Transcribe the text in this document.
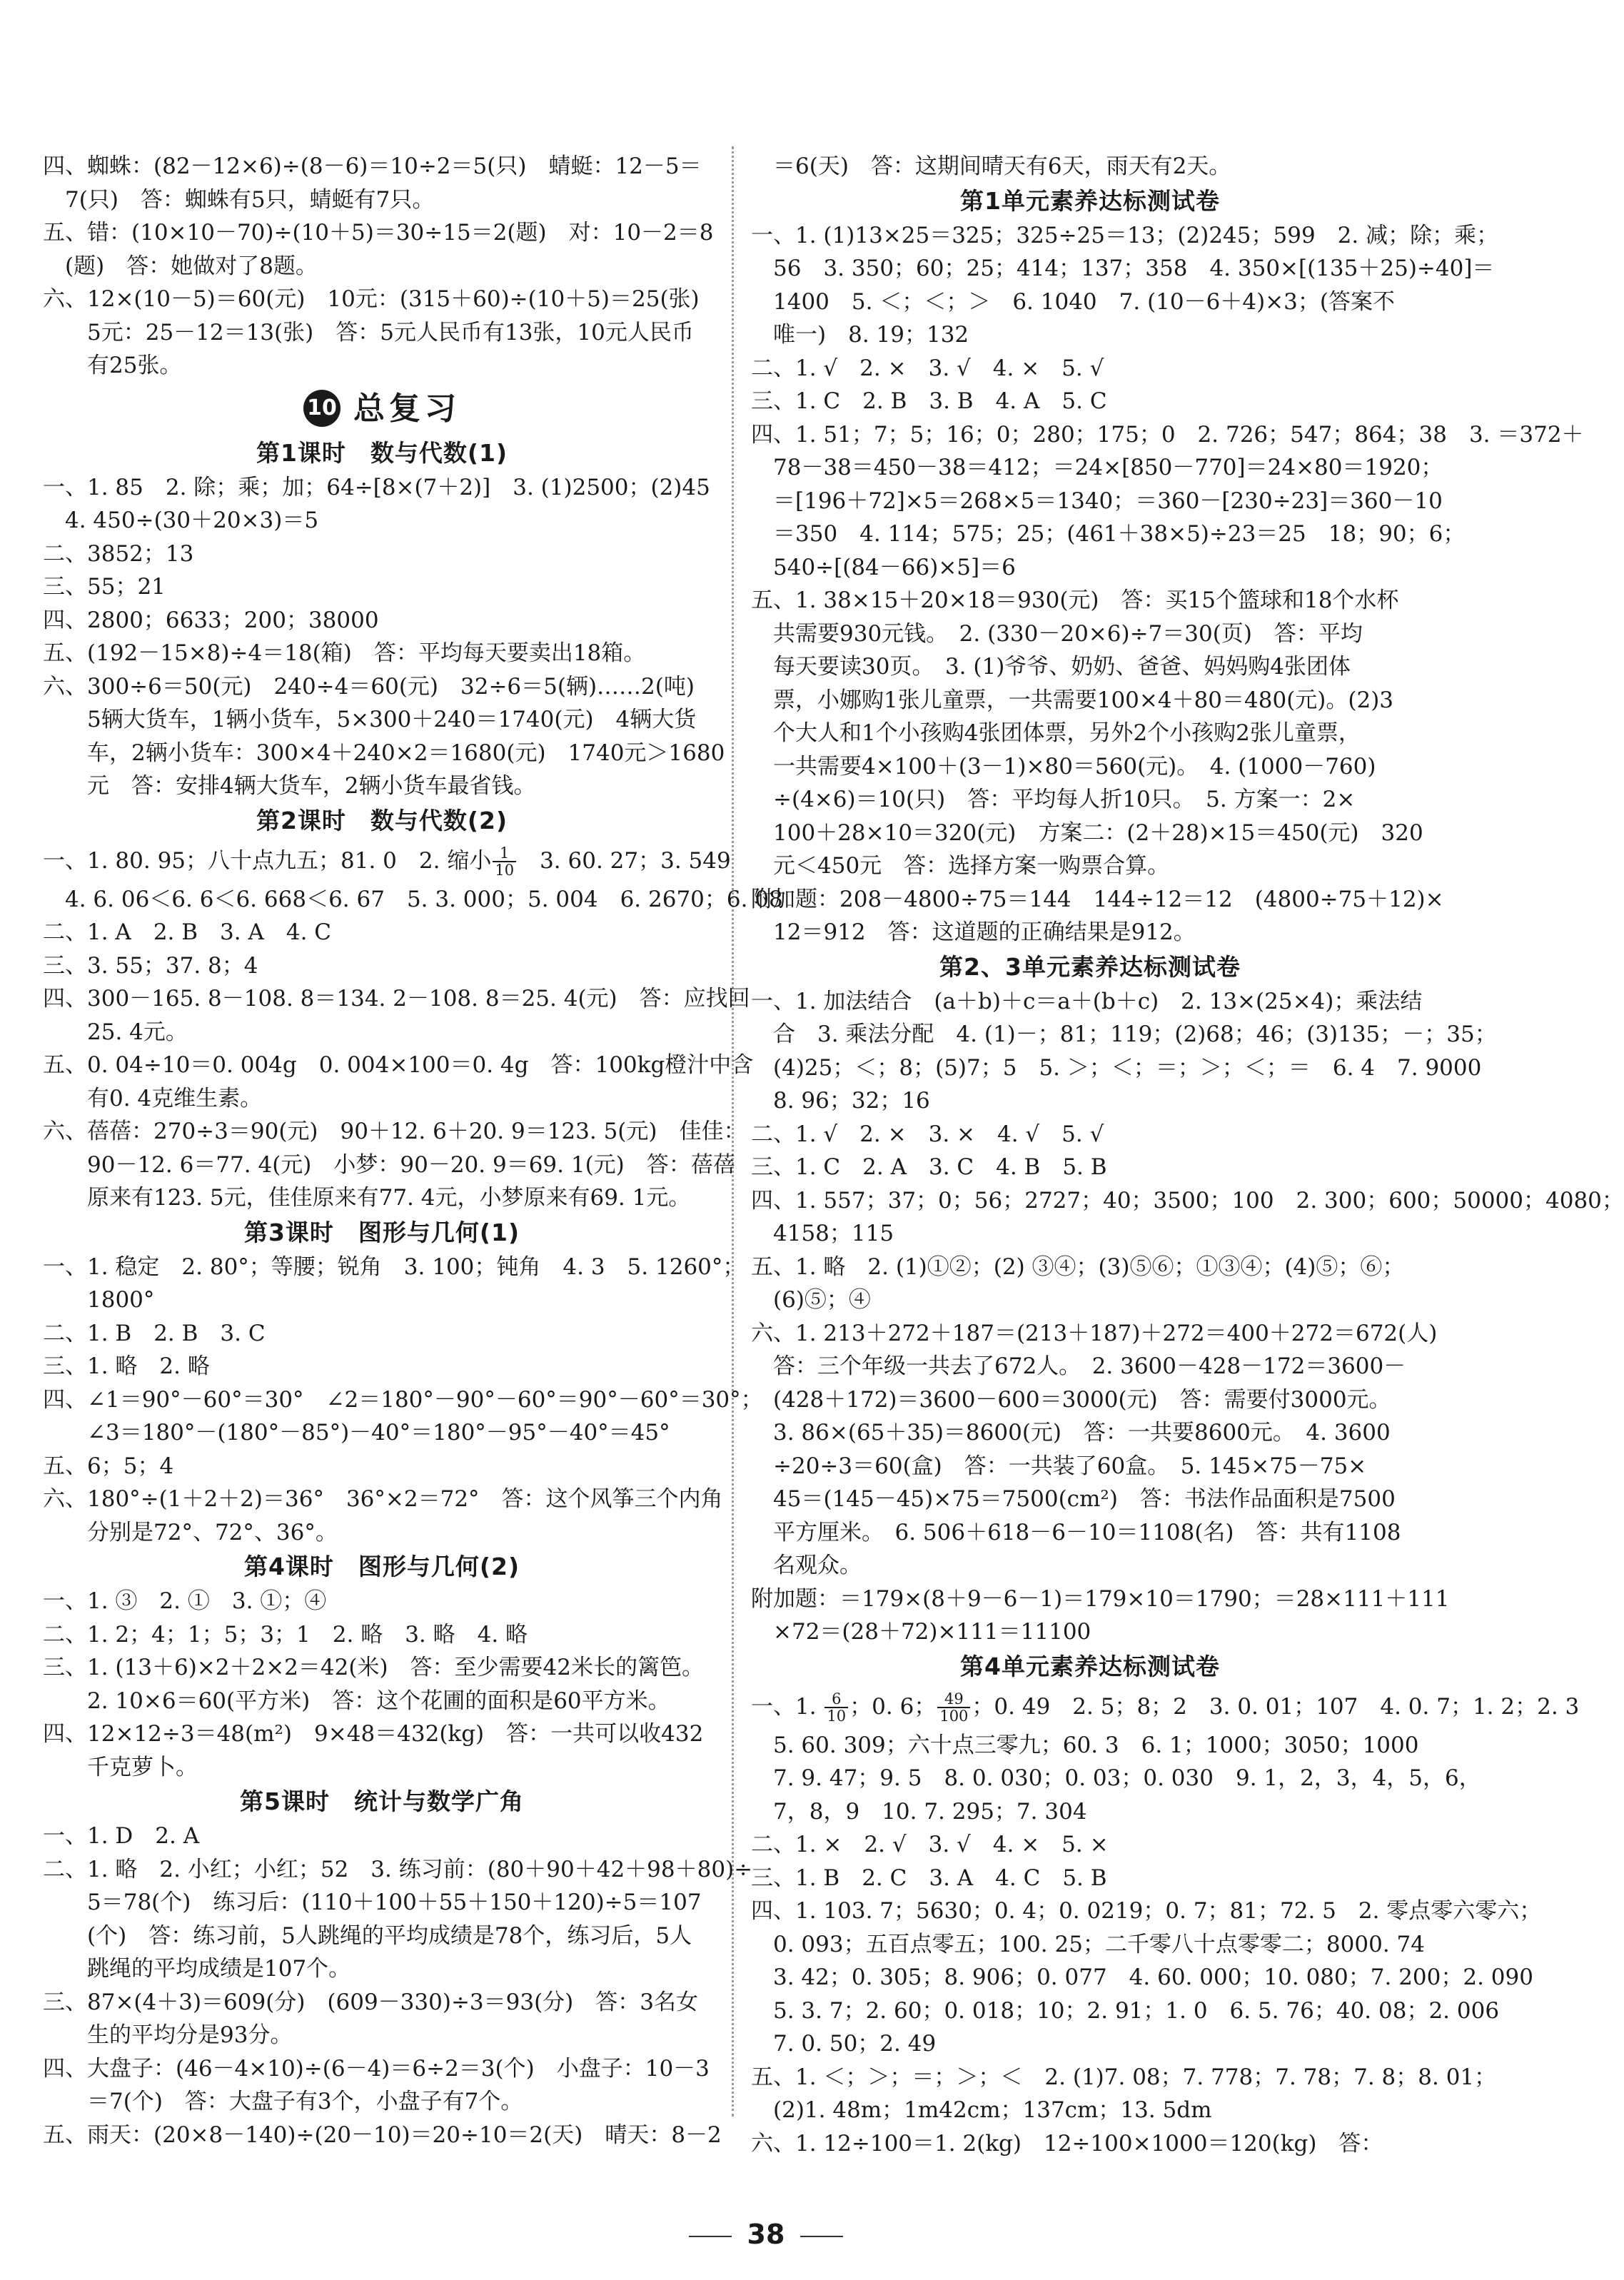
四、蜘蛛：(82－12×6)÷(8－6)＝10÷2＝5(只)　蜻蜓：12－5＝
　7(只)　答：蜘蛛有5只，蜻蜓有7只。
五、错：(10×10－70)÷(10＋5)＝30÷15＝2(题)　对：10－2＝8
　(题)　答：她做对了8题。
六、12×(10－5)＝60(元)　10元：(315＋60)÷(10＋5)＝25(张)
　　5元：25－12＝13(张)　答：5元人民币有13张，10元人民币
　　有25张。
10 总复习
第1课时　数与代数(1)
一、1. 85　2. 除；乘；加；64÷[8×(7＋2)]　3. (1)2500；(2)45
　4. 450÷(30＋20×3)＝5
二、3852；13
三、55；21
四、2800；6633；200；38000
五、(192－15×8)÷4＝18(箱)　答：平均每天要卖出18箱。
六、300÷6＝50(元)　240÷4＝60(元)　32÷6＝5(辆)……2(吨)
　　5辆大货车，1辆小货车，5×300＋240＝1740(元)　4辆大货
　　车，2辆小货车：300×4＋240×2＝1680(元)　1740元＞1680
　　元　答：安排4辆大货车，2辆小货车最省钱。
第2课时　数与代数(2)
一、1. 80. 95；八十点九五；81. 0　2. 缩小 $\frac{1}{10}$ 　3. 60. 27；3. 549
　4. 6. 06＜6. 6＜6. 668＜6. 67　5. 3. 000；5. 004　6. 2670；6. 08
二、1. A　2. B　3. A　4. C
三、3. 55；37. 8；4
四、300－165. 8－108. 8＝134. 2－108. 8＝25. 4(元)　答：应找回
　　25. 4元。
五、0. 04÷10＝0. 004g　0. 004×100＝0. 4g　答：100kg橙汁中含
　　有0. 4克维生素。
六、蓓蓓：270÷3＝90(元)　90＋12. 6＋20. 9＝123. 5(元)　佳佳：
　　90－12. 6＝77. 4(元)　小梦：90－20. 9＝69. 1(元)　答：蓓蓓
　　原来有123. 5元，佳佳原来有77. 4元，小梦原来有69. 1元。
第3课时　图形与几何(1)
一、1. 稳定　2. 80°；等腰；锐角　3. 100；钝角　4. 3　5. 1260°；
　　1800°
二、1. B　2. B　3. C
三、1. 略　2. 略
四、∠1＝90°－60°＝30°　∠2＝180°－90°－60°＝90°－60°＝30°；
　　∠3＝180°－(180°－85°)－40°＝180°－95°－40°＝45°
五、6；5；4
六、180°÷(1＋2＋2)＝36°　36°×2＝72°　答：这个风筝三个内角
　　分别是72°、72°、36°。
第4课时　图形与几何(2)
一、1. ③　2. ①　3. ①；④
二、1. 2；4；1；5；3；1　2. 略　3. 略　4. 略
三、1. (13＋6)×2＋2×2＝42(米)　答：至少需要42米长的篱笆。
　　2. 10×6＝60(平方米)　答：这个花圃的面积是60平方米。
四、12×12÷3＝48(m²)　9×48＝432(kg)　答：一共可以收432
　　千克萝卜。
第5课时　统计与数学广角
一、1. D　2. A
二、1. 略　2. 小红；小红；52　3. 练习前：(80＋90＋42＋98＋80)÷
　　5＝78(个)　练习后：(110＋100＋55＋150＋120)÷5＝107
　　(个)　答：练习前，5人跳绳的平均成绩是78个，练习后，5人
　　跳绳的平均成绩是107个。
三、87×(4＋3)＝609(分)　(609－330)÷3＝93(分)　答：3名女
　　生的平均分是93分。
四、大盘子：(46－4×10)÷(6－4)＝6÷2＝3(个)　小盘子：10－3
　　＝7(个)　答：大盘子有3个，小盘子有7个。
五、雨天：(20×8－140)÷(20－10)＝20÷10＝2(天)　晴天：8－2
　＝6(天)　答：这期间晴天有6天，雨天有2天。
第1单元素养达标测试卷
一、1. (1)13×25＝325；325÷25＝13；(2)245；599　2. 减；除；乘；
　56　3. 350；60；25；414；137；358　4. 350×[(135＋25)÷40]＝
　1400　5. ＜；＜；＞　6. 1040　7. (10－6＋4)×3；(答案不
　唯一)　8. 19；132
二、1. √　2. ×　3. √　4. ×　5. √
三、1. C　2. B　3. B　4. A　5. C
四、1. 51；7；5；16；0；280；175；0　2. 726；547；864；38　3. ＝372＋
　78－38＝450－38＝412；＝24×[850－770]＝24×80＝1920；
　＝[196＋72]×5＝268×5＝1340；＝360－[230÷23]＝360－10
　＝350　4. 114；575；25；(461＋38×5)÷23＝25　18；90；6；
　540÷[(84－66)×5]＝6
五、1. 38×15＋20×18＝930(元)　答：买15个篮球和18个水杯
　共需要930元钱。　2. (330－20×6)÷7＝30(页)　答：平均
　每天要读30页。　3. (1)爷爷、奶奶、爸爸、妈妈购4张团体
　票，小娜购1张儿童票，一共需要100×4＋80＝480(元)。(2)3
　个大人和1个小孩购4张团体票，另外2个小孩购2张儿童票，
　一共需要4×100＋(3－1)×80＝560(元)。　4. (1000－760)
　÷(4×6)＝10(只)　答：平均每人折10只。　5. 方案一：2×
　100＋28×10＝320(元)　方案二：(2＋28)×15＝450(元)　320
　元＜450元　答：选择方案一购票合算。
附加题：208－4800÷75＝144　144÷12＝12　(4800÷75＋12)×
　12＝912　答：这道题的正确结果是912。
第2、3单元素养达标测试卷
一、1. 加法结合　(a＋b)＋c＝a＋(b＋c)　2. 13×(25×4)；乘法结
　合　3. 乘法分配　4. (1)－；81；119；(2)68；46；(3)135；－；35；
　(4)25；＜；8；(5)7；5　5. ＞；＜；＝；＞；＜；＝　6. 4　7. 9000
　8. 96；32；16
二、1. √　2. ×　3. ×　4. √　5. √
三、1. C　2. A　3. C　4. B　5. B
四、1. 557；37；0；56；2727；40；3500；100　2. 300；600；50000；4080；
　4158；115
五、1. 略　2. (1)①②；(2) ③④；(3)⑤⑥；①③④；(4)⑤；⑥；
　(6)⑤；④
六、1. 213＋272＋187＝(213＋187)＋272＝400＋272＝672(人)
　答：三个年级一共去了672人。　2. 3600－428－172＝3600－
　(428＋172)＝3600－600＝3000(元)　答：需要付3000元。
　3. 86×(65＋35)＝8600(元)　答：一共要8600元。　4. 3600
　÷20÷3＝60(盒)　答：一共装了60盒。　5. 145×75－75×
　45＝(145－45)×75＝7500(cm²)　答：书法作品面积是7500
　平方厘米。　6. 506＋618－6－10＝1108(名)　答：共有1108
　名观众。
附加题：＝179×(8＋9－6－1)＝179×10＝1790；＝28×111＋111
　×72＝(28＋72)×111＝11100
第4单元素养达标测试卷
一、1. $\frac{6}{10}$ ；0. 6； $\frac{49}{100}$ ；0. 49　2. 5；8；2　3. 0. 01；107　4. 0. 7；1. 2；2. 3
　5. 60. 309；六十点三零九；60. 3　6. 1；1000；3050；1000
　7. 9. 47；9. 5　8. 0. 030；0. 03；0. 030　9. 1，2，3，4，5，6，
　7，8，9　10. 7. 295；7. 304
二、1. ×　2. √　3. √　4. ×　5. ×
三、1. B　2. C　3. A　4. C　5. B
四、1. 103. 7；5630；0. 4；0. 0219；0. 7；81；72. 5　2. 零点零六零六；
　0. 093；五百点零五；100. 25；二千零八十点零零二；8000. 74
　3. 42；0. 305；8. 906；0. 077　4. 60. 000；10. 080；7. 200；2. 090
　5. 3. 7；2. 60；0. 018；10；2. 91；1. 0　6. 5. 76；40. 08；2. 006
　7. 0. 50；2. 49
五、1. ＜；＞；＝；＞；＜　2. (1)7. 08；7. 778；7. 78；7. 8；8. 01；
　(2)1. 48m；1m42cm；137cm；13. 5dm
六、1. 12÷100＝1. 2(kg)　12÷100×1000＝120(kg)　答：
38
